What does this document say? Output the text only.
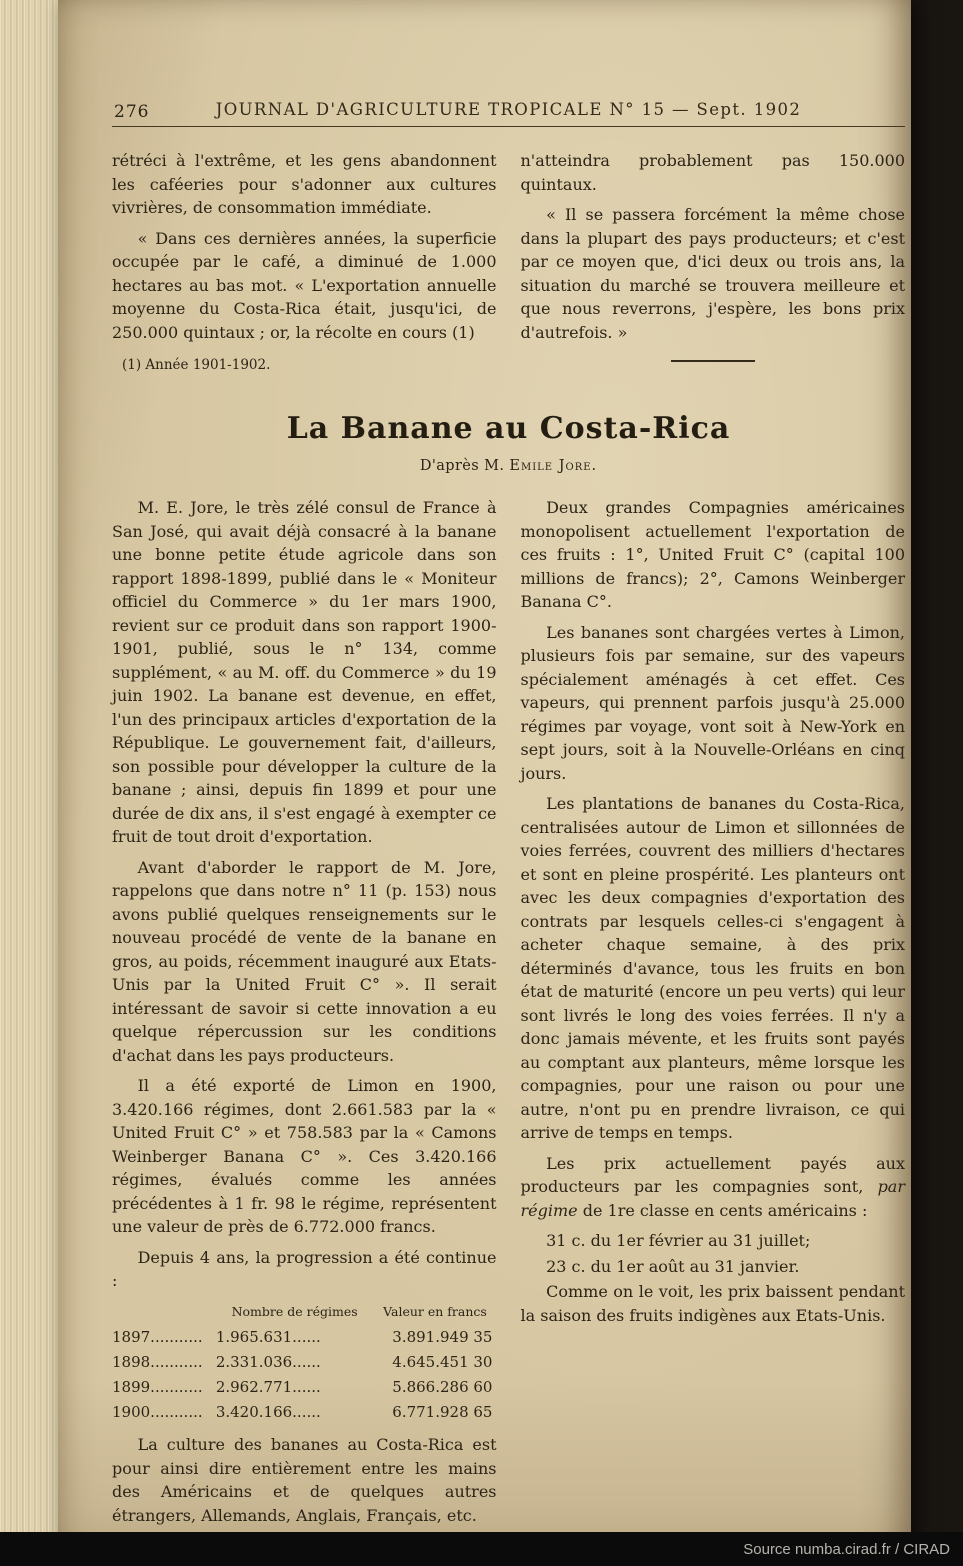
276	JOURNAL D'AGRICULTURE TROPICALE N° 15 — Sept. 1902

rétréci à l'extrême, et les gens abandonnent les caféeries pour s'adonner aux cultures vivrières, de consommation immédiate.

« Dans ces dernières années, la superficie occupée par le café, a diminué de 1.000 hectares au bas mot. « L'exportation annuelle moyenne du Costa-Rica était, jusqu'ici, de 250.000 quintaux ; or, la récolte en cours (1)

(1) Année 1901-1902.

n'atteindra probablement pas 150.000 quintaux.

« Il se passera forcément la même chose dans la plupart des pays producteurs; et c'est par ce moyen que, d'ici deux ou trois ans, la situation du marché se trouvera meilleure et que nous reverrons, j'espère, les bons prix d'autrefois. »

La Banane au Costa-Rica
D'après M. Emile Jore.

M. E. Jore, le très zélé consul de France à San José, qui avait déjà consacré à la banane une bonne petite étude agricole dans son rapport 1898-1899, publié dans le « Moniteur officiel du Commerce » du 1er mars 1900, revient sur ce produit dans son rapport 1900-1901, publié, sous le n° 134, comme supplément, « au M. off. du Commerce » du 19 juin 1902. La banane est devenue, en effet, l'un des principaux articles d'exportation de la République. Le gouvernement fait, d'ailleurs, son possible pour développer la culture de la banane ; ainsi, depuis fin 1899 et pour une durée de dix ans, il s'est engagé à exempter ce fruit de tout droit d'exportation.

Avant d'aborder le rapport de M. Jore, rappelons que dans notre n° 11 (p. 153) nous avons publié quelques renseignements sur le nouveau procédé de vente de la banane en gros, au poids, récemment inauguré aux Etats-Unis par la United Fruit C° ». Il serait intéressant de savoir si cette innovation a eu quelque répercussion sur les conditions d'achat dans les pays producteurs.

Il a été exporté de Limon en 1900, 3.420.166 régimes, dont 2.661.583 par la « United Fruit C° » et 758.583 par la « Camons Weinberger Banana C° ». Ces 3.420.166 régimes, évalués comme les années précédentes à 1 fr. 98 le régime, représentent une valeur de près de 6.772.000 francs.

Depuis 4 ans, la progression a été continue :

Nombre de régimes	Valeur en francs
1897........... 1.965.631......	3.891.949 35
1898........... 2.331.036......	4.645.451 30
1899........... 2.962.771......	5.866.286 60
1900........... 3.420.166......	6.771.928 65

La culture des bananes au Costa-Rica est pour ainsi dire entièrement entre les mains des Américains et de quelques autres étrangers, Allemands, Anglais, Français, etc.

Deux grandes Compagnies américaines monopolisent actuellement l'exportation de ces fruits : 1°, United Fruit C° (capital 100 millions de francs); 2°, Camons Weinberger Banana C°.

Les bananes sont chargées vertes à Limon, plusieurs fois par semaine, sur des vapeurs spécialement aménagés à cet effet. Ces vapeurs, qui prennent parfois jusqu'à 25.000 régimes par voyage, vont soit à New-York en sept jours, soit à la Nouvelle-Orléans en cinq jours.

Les plantations de bananes du Costa-Rica, centralisées autour de Limon et sillonnées de voies ferrées, couvrent des milliers d'hectares et sont en pleine prospérité. Les planteurs ont avec les deux compagnies d'exportation des contrats par lesquels celles-ci s'engagent à acheter chaque semaine, à des prix déterminés d'avance, tous les fruits en bon état de maturité (encore un peu verts) qui leur sont livrés le long des voies ferrées. Il n'y a donc jamais mévente, et les fruits sont payés au comptant aux planteurs, même lorsque les compagnies, pour une raison ou pour une autre, n'ont pu en prendre livraison, ce qui arrive de temps en temps.

Les prix actuellement payés aux producteurs par les compagnies sont, par régime de 1re classe en cents américains :

31 c. du 1er février au 31 juillet;

23 c. du 1er août au 31 janvier.

Comme on le voit, les prix baissent pendant la saison des fruits indigènes aux Etats-Unis.

Source numba.cirad.fr / CIRAD
